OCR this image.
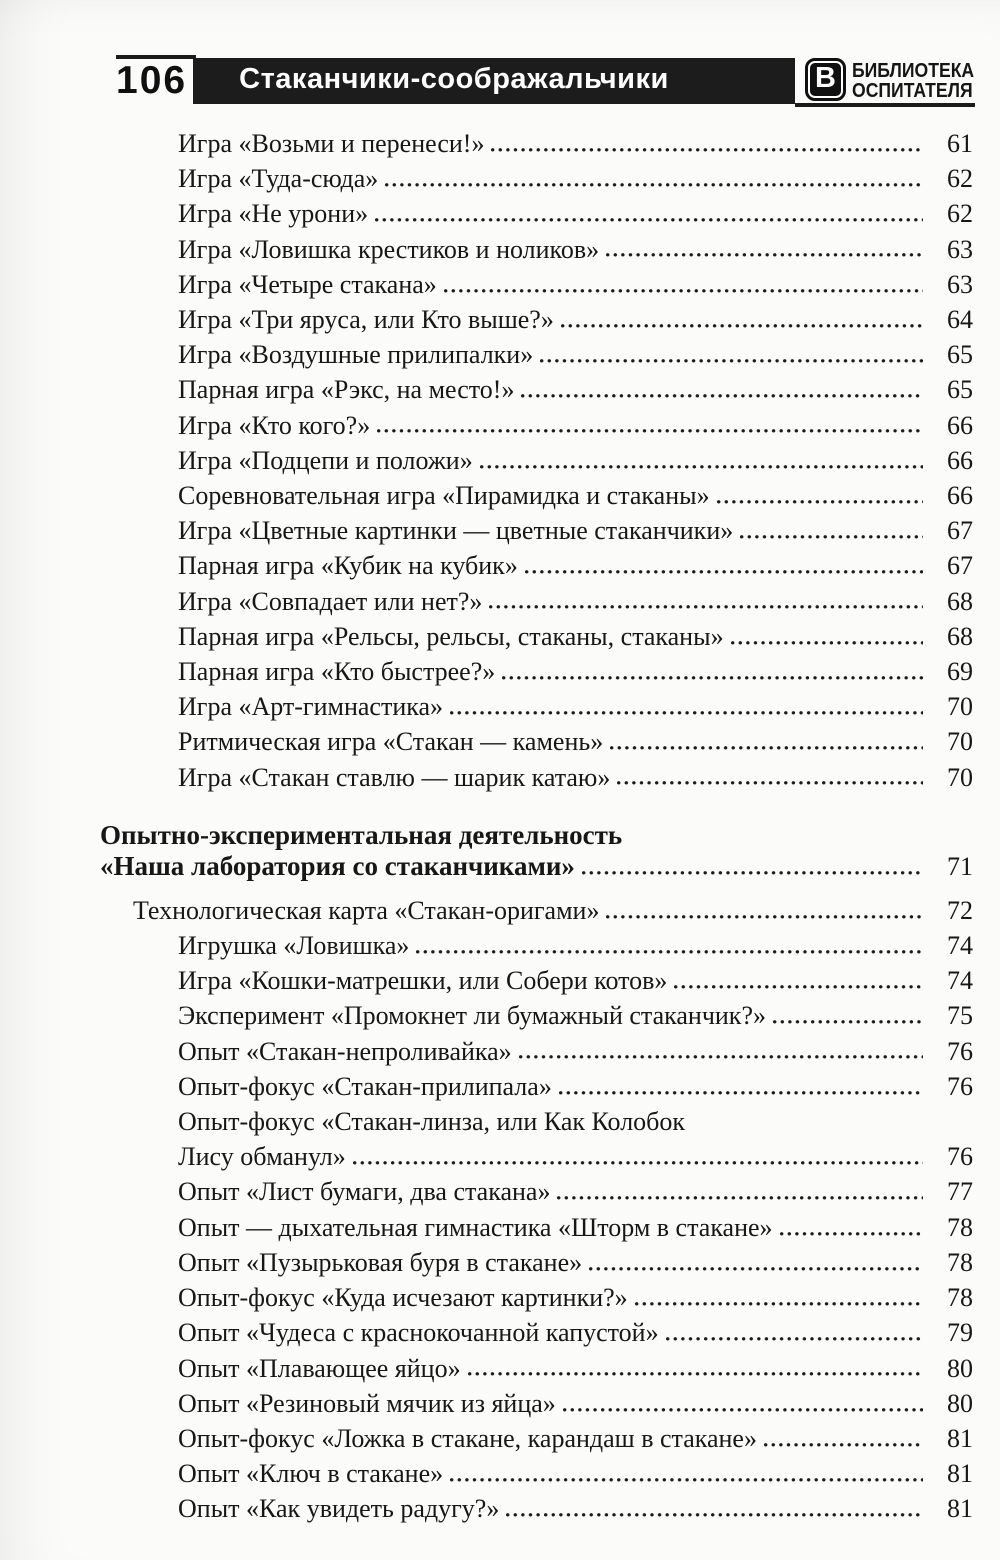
106 Стаканчики-соображальчики	В БИБЛИОТЕКА
ОСПИТАТЕЛЯ
Игра «Возьми и перенеси!»	61
Игра «Туда-сюда»	62
Игра «Не урони»	62
Игра «Ловишка крестиков и ноликов»	63
Игра «Четыре стакана»	63
Игра «Три яруса, или Кто выше?»	64
Игра «Воздушные прилипалки»	65
Парная игра «Рэкс, на место!»	65
Игра «Кто кого?»	66
Игра «Подцепи и положи»	66
Соревновательная игра «Пирамидка и стаканы»	66
Игра «Цветные картинки — цветные стаканчики»	67
Парная игра «Кубик на кубик»	67
Игра «Совпадает или нет?»	68
Парная игра «Рельсы, рельсы, стаканы, стаканы»	68
Парная игра «Кто быстрее?»	69
Игра «Арт-гимнастика»	70
Ритмическая игра «Стакан — камень»	70
Игра «Стакан ставлю — шарик катаю»	70
Опытно-экспериментальная деятельность
«Наша лаборатория со стаканчиками»	71
Технологическая карта «Стакан-оригами»	72
Игрушка «Ловишка»	74
Игра «Кошки-матрешки, или Собери котов»	74
Эксперимент «Промокнет ли бумажный стаканчик?»	75
Опыт «Стакан-непроливайка»	76
Опыт-фокус «Стакан-прилипала»	76
Опыт-фокус «Стакан-линза, или Как Колобок
Лису обманул»	76
Опыт «Лист бумаги, два стакана»	77
Опыт — дыхательная гимнастика «Шторм в стакане»	78
Опыт «Пузырьковая буря в стакане»	78
Опыт-фокус «Куда исчезают картинки?»	78
Опыт «Чудеса с краснокочанной капустой»	79
Опыт «Плавающее яйцо»	80
Опыт «Резиновый мячик из яйца»	80
Опыт-фокус «Ложка в стакане, карандаш в стакане»	81
Опыт «Ключ в стакане»	81
Опыт «Как увидеть радугу?»	81
